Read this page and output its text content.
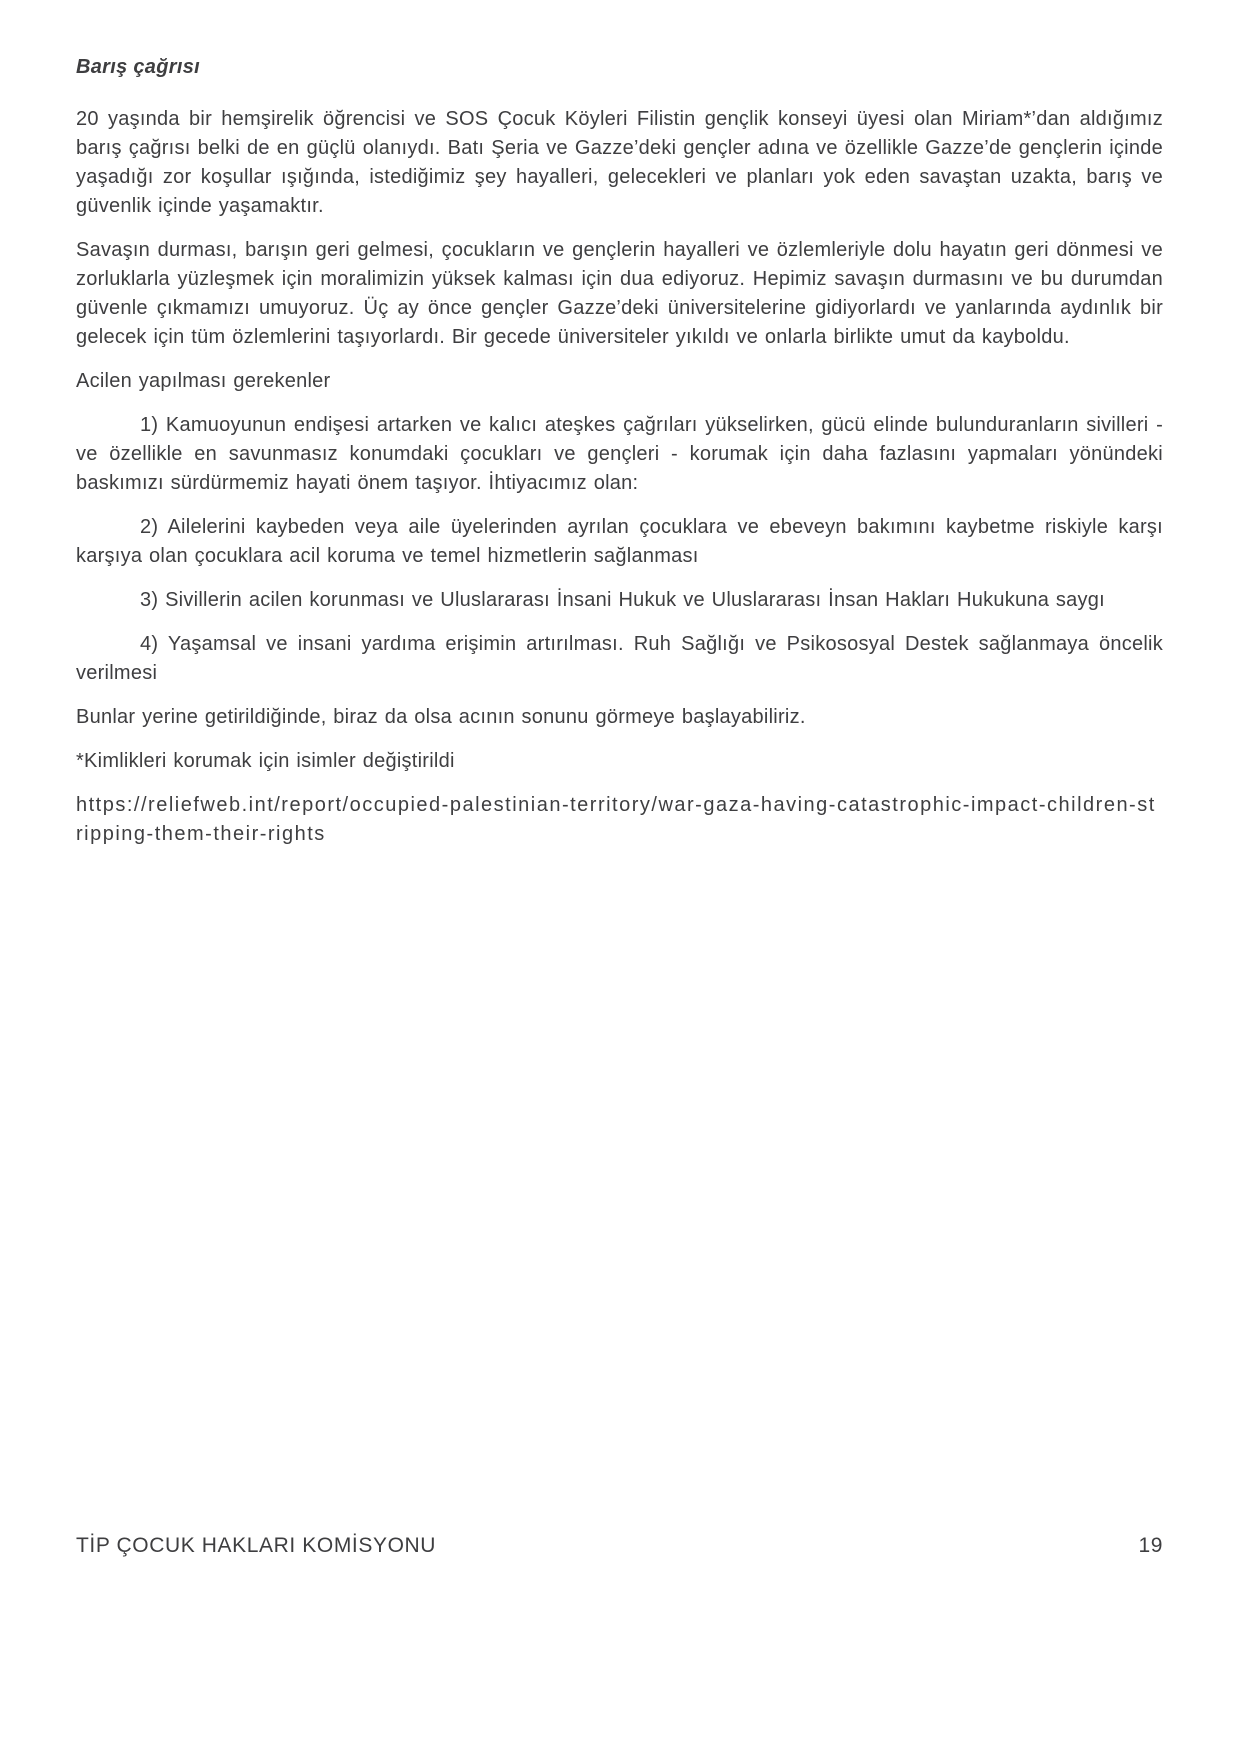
Barış çağrısı

20 yaşında bir hemşirelik öğrencisi ve SOS Çocuk Köyleri Filistin gençlik konseyi üyesi olan Miriam*’dan aldığımız barış çağrısı belki de en güçlü olanıydı. Batı Şeria ve Gazze’deki gençler adına ve özellikle Gazze’de gençlerin içinde yaşadığı zor koşullar ışığında, istediğimiz şey hayalleri, gelecekleri ve planları yok eden savaştan uzakta, barış ve güvenlik içinde yaşamaktır.

Savaşın durması, barışın geri gelmesi, çocukların ve gençlerin hayalleri ve özlemleriyle dolu hayatın geri dönmesi ve zorluklarla yüzleşmek için moralimizin yüksek kalması için dua ediyoruz. Hepimiz savaşın durmasını ve bu durumdan güvenle çıkmamızı umuyoruz. Üç ay önce gençler Gazze’deki üniversitelerine gidiyorlardı ve yanlarında aydınlık bir gelecek için tüm özlemlerini taşıyorlardı. Bir gecede üniversiteler yıkıldı ve onlarla birlikte umut da kayboldu.

Acilen yapılması gerekenler

1) Kamuoyunun endişesi artarken ve kalıcı ateşkes çağrıları yükselirken, gücü elinde bulunduranların sivilleri - ve özellikle en savunmasız konumdaki çocukları ve gençleri - korumak için daha fazlasını yapmaları yönündeki baskımızı sürdürmemiz hayati önem taşıyor. İhtiyacımız olan:

2) Ailelerini kaybeden veya aile üyelerinden ayrılan çocuklara ve ebeveyn bakımını kaybetme riskiyle karşı karşıya olan çocuklara acil koruma ve temel hizmetlerin sağlanması

3) Sivillerin acilen korunması ve Uluslararası İnsani Hukuk ve Uluslararası İnsan Hakları Hukukuna saygı

4) Yaşamsal ve insani yardıma erişimin artırılması. Ruh Sağlığı ve Psikososyal Destek sağlanmaya öncelik verilmesi

Bunlar yerine getirildiğinde, biraz da olsa acının sonunu görmeye başlayabiliriz.

*Kimlikleri korumak için isimler değiştirildi

https://reliefweb.int/report/occupied-palestinian-territory/war-gaza-having-catastrophic-impact-children-stripping-them-their-rights

TİP ÇOCUK HAKLARI KOMİSYONU	19
